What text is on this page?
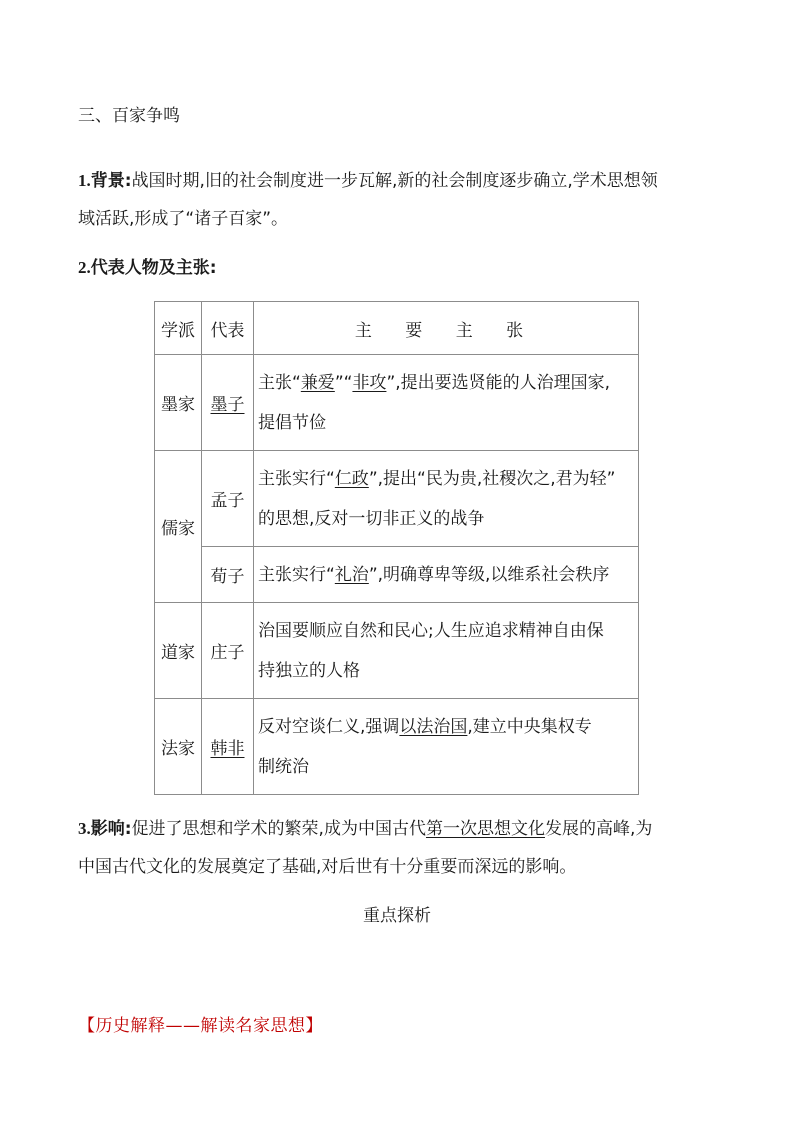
三、百家争鸣
1.背景:战国时期,旧的社会制度进一步瓦解,新的社会制度逐步确立,学术思想领
域活跃,形成了“诸子百家”。
2.代表人物及主张:
学派	代表	主 要 主 张
墨家	墨子	主张“兼爱”“非攻”,提出要选贤能的人治理国家,
提倡节俭

儒家	孟子	主张实行“仁政”,提出“民为贵,社稷次之,君为轻”
的思想,反对一切非正义的战争

	荀子	主张实行“礼治”,明确尊卑等级,以维系社会秩序
道家	庄子	治国要顺应自然和民心;人生应追求精神自由保
持独立的人格

法家	韩非	反对空谈仁义,强调以法治国,建立中央集权专
制统治
3.影响:促进了思想和学术的繁荣,成为中国古代第一次思想文化发展的高峰,为
中国古代文化的发展奠定了基础,对后世有十分重要而深远的影响。
重点探析
【历史解释——解读名家思想】
